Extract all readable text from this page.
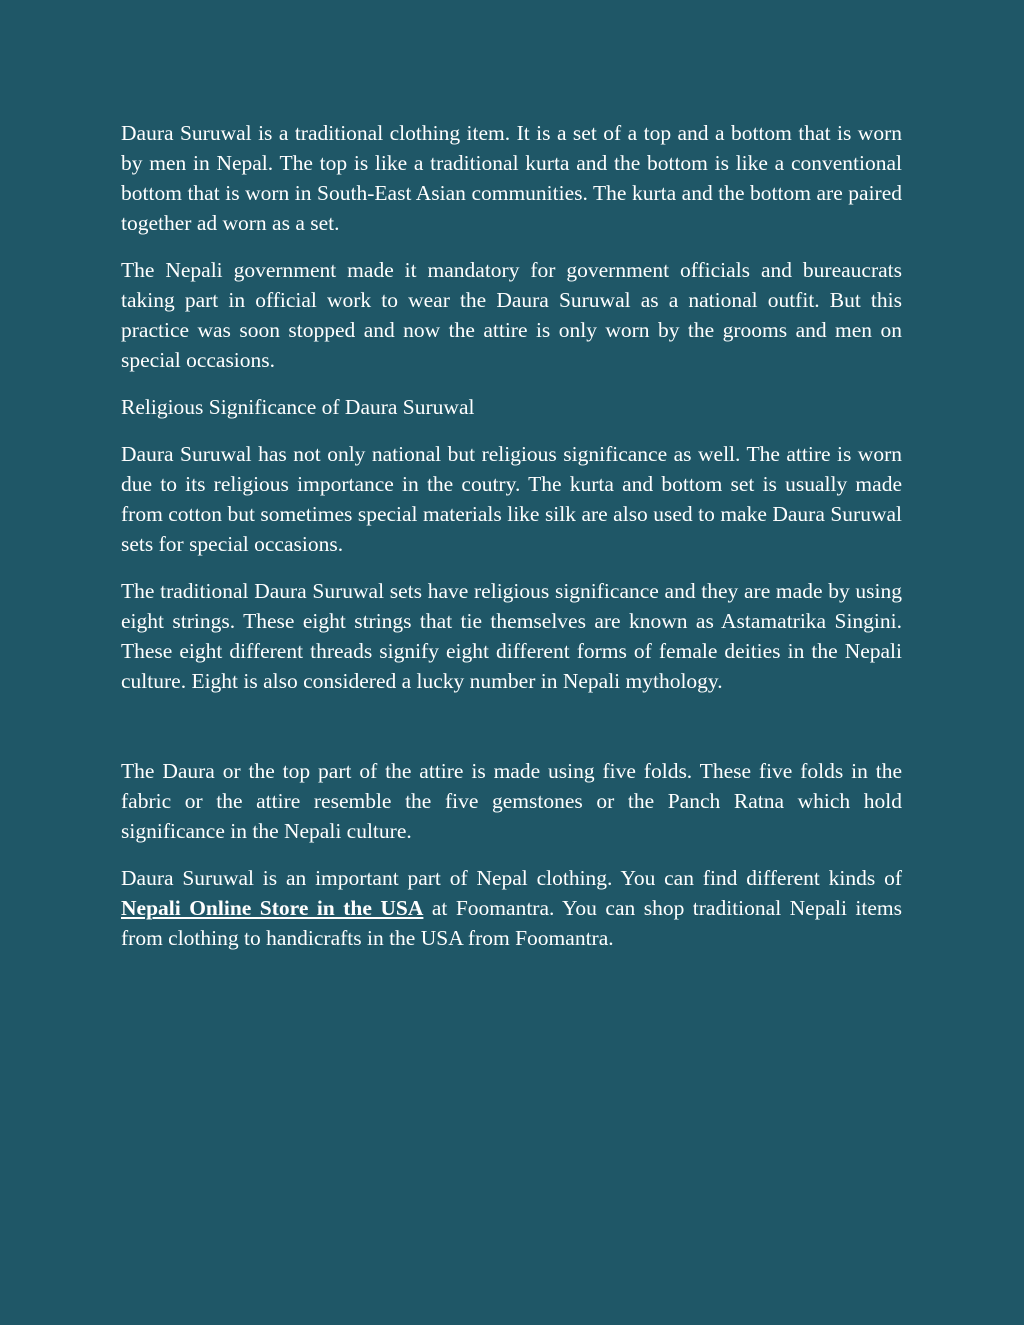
Daura Suruwal is a traditional clothing item. It is a set of a top and a bottom that is worn by men in Nepal. The top is like a traditional kurta and the bottom is like a conventional bottom that is worn in South-East Asian communities. The kurta and the bottom are paired together ad worn as a set.

The Nepali government made it mandatory for government officials and bureaucrats taking part in official work to wear the Daura Suruwal as a national outfit. But this practice was soon stopped and now the attire is only worn by the grooms and men on special occasions.

Religious Significance of Daura Suruwal

Daura Suruwal has not only national but religious significance as well. The attire is worn due to its religious importance in the coutry. The kurta and bottom set is usually made from cotton but sometimes special materials like silk are also used to make Daura Suruwal sets for special occasions.

The traditional Daura Suruwal sets have religious significance and they are made by using eight strings. These eight strings that tie themselves are known as Astamatrika Singini. These eight different threads signify eight different forms of female deities in the Nepali culture. Eight is also considered a lucky number in Nepali mythology.

The Daura or the top part of the attire is made using five folds. These five folds in the fabric or the attire resemble the five gemstones or the Panch Ratna which hold significance in the Nepali culture.

Daura Suruwal is an important part of Nepal clothing. You can find different kinds of Nepali Online Store in the USA at Foomantra. You can shop traditional Nepali items from clothing to handicrafts in the USA from Foomantra.
